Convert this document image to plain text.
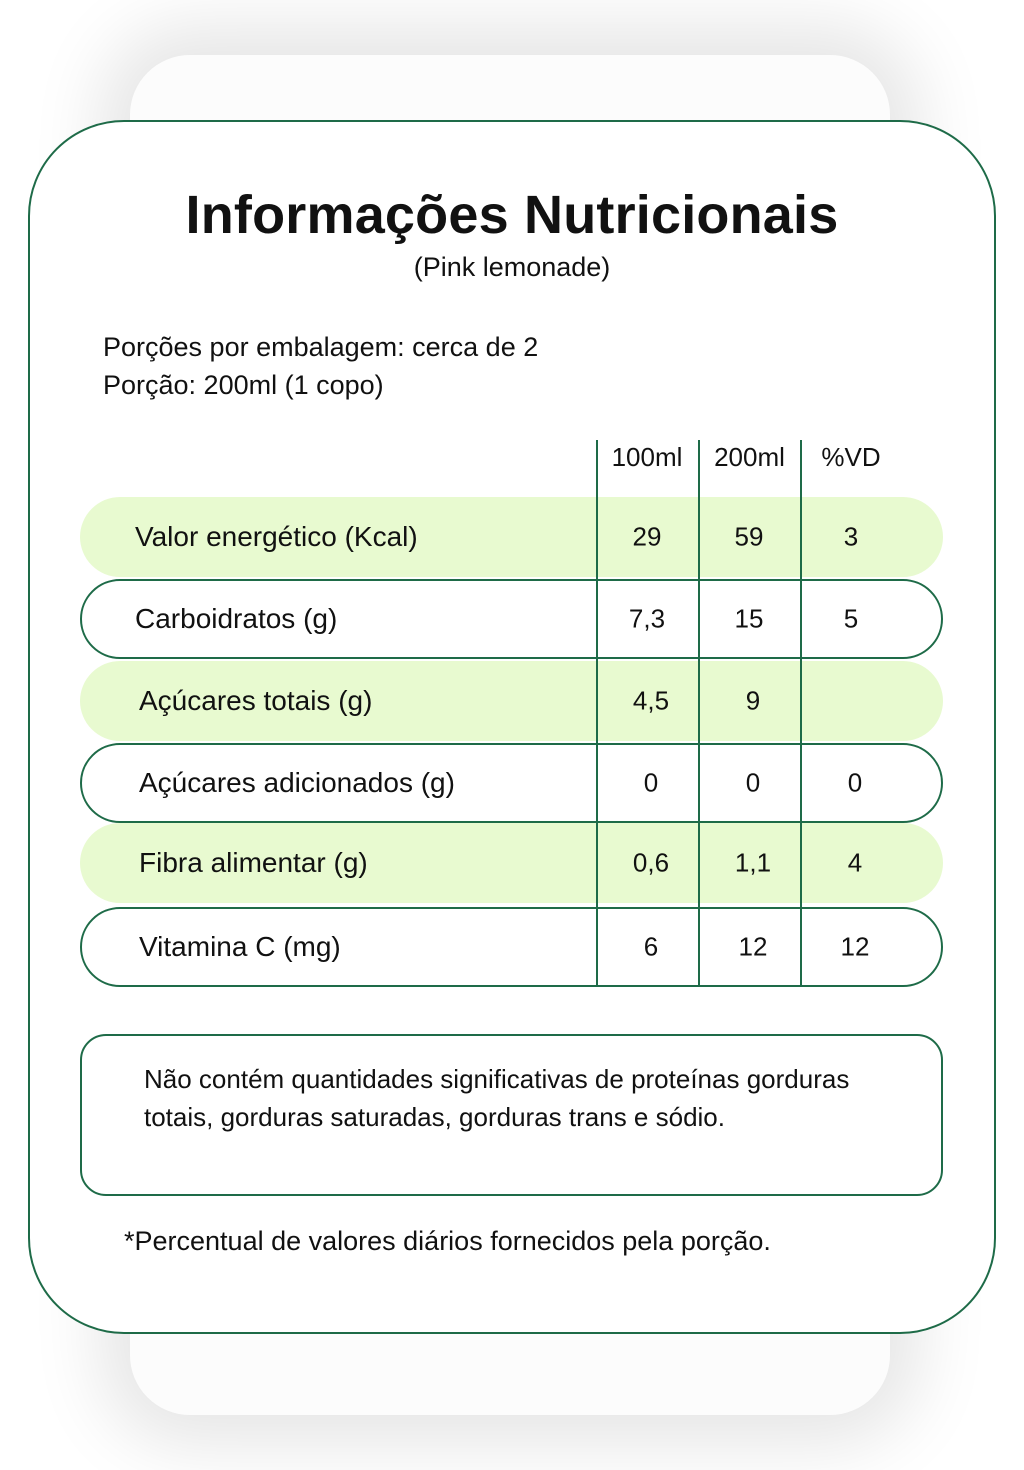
Informações Nutricionais
(Pink lemonade)
Porções por embalagem: cerca de 2
Porção: 200ml (1 copo)
100ml	200ml	%VD
Valor energético (Kcal)	29	59	3
Carboidratos (g)	7,3	15	5
Açúcares totais (g)	4,5	9
Açúcares adicionados (g)	0	0	0
Fibra alimentar (g)	0,6	1,1	4
Vitamina C (mg)	6	12	12
Não contém quantidades significativas de proteínas gorduras totais, gorduras saturadas, gorduras trans e sódio.
*Percentual de valores diários fornecidos pela porção.
